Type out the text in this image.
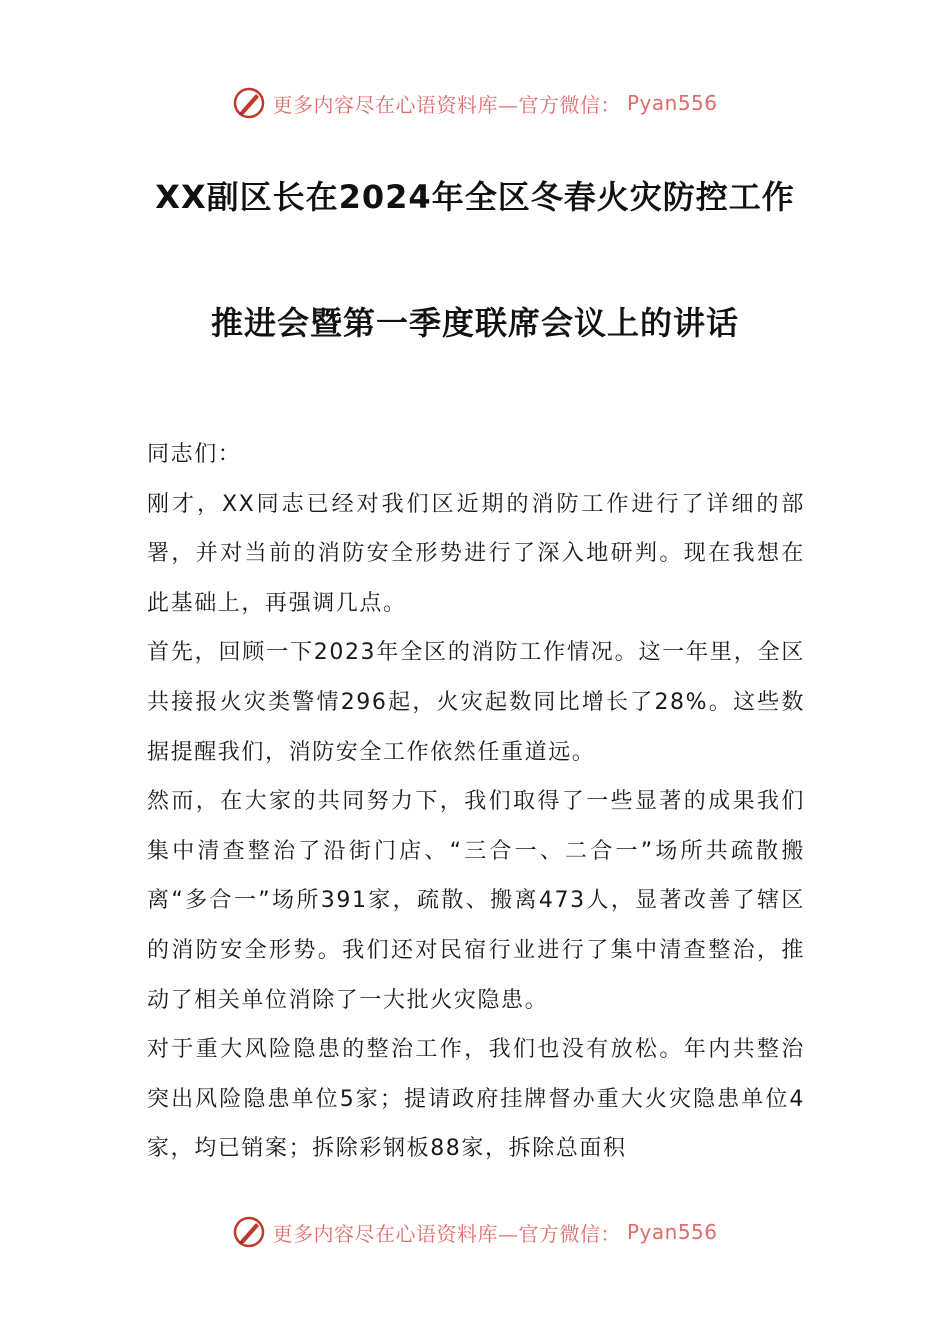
更多内容尽在心语资料库—官方微信： Pyan556
XX副区长在2024年全区冬春火灾防控工作
推进会暨第一季度联席会议上的讲话

同志们：

刚才，XX同志已经对我们区近期的消防工作进行了详细的部署，并对当前的消防安全形势进行了深入地研判。现在我想在此基础上，再强调几点。

首先，回顾一下2023年全区的消防工作情况。这一年里，全区共接报火灾类警情296起，火灾起数同比增长了28%。这些数据提醒我们，消防安全工作依然任重道远。

然而，在大家的共同努力下，我们取得了一些显著的成果我们集中清查整治了沿街门店、“三合一、二合一”场所共疏散搬离“多合一”场所391家，疏散、搬离473人，显著改善了辖区的消防安全形势。我们还对民宿行业进行了集中清查整治，推动了相关单位消除了一大批火灾隐患。

对于重大风险隐患的整治工作，我们也没有放松。年内共整治突出风险隐患单位5家；提请政府挂牌督办重大火灾隐患单位4家，均已销案；拆除彩钢板88家，拆除总面积

更多内容尽在心语资料库—官方微信： Pyan556
